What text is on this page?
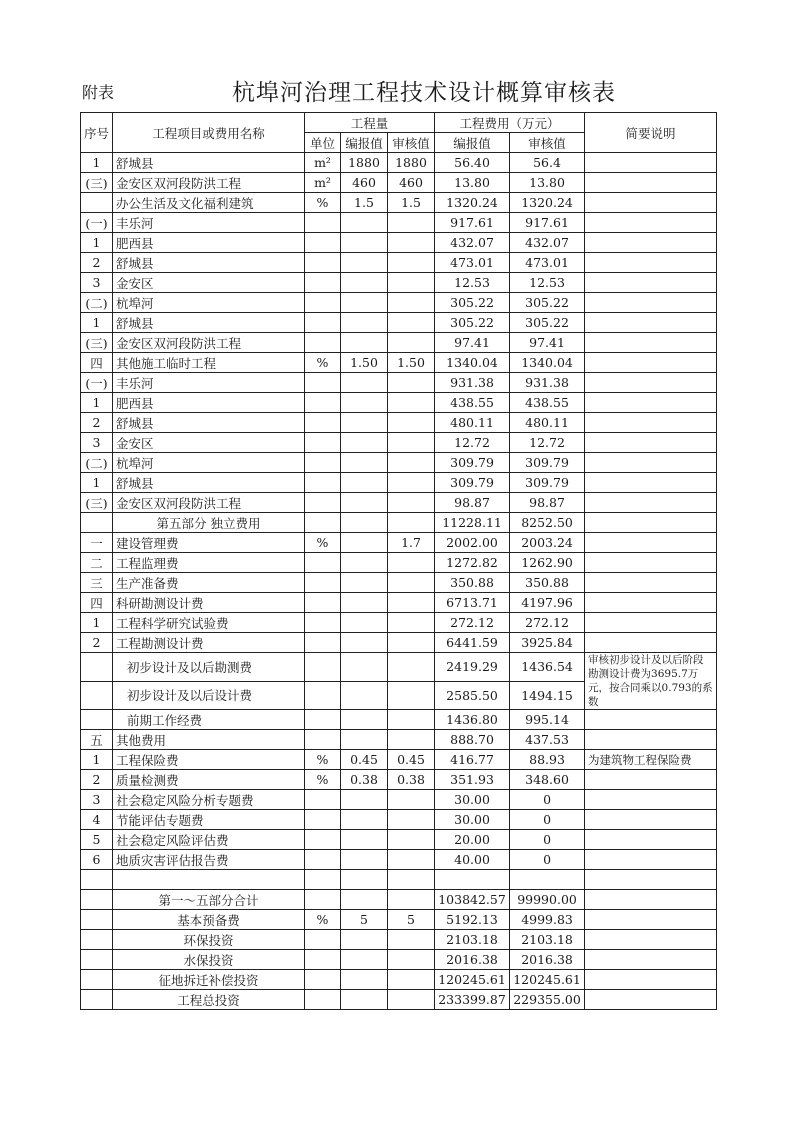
附表	杭埠河治理工程技术设计概算审核表
序号	工程项目或费用名称	工程量			工程费用（万元）		简要说明
		单位	编报值	审核值	编报值	审核值	
1	舒城县	m²	1880	1880	56.40	56.4	
(三)	金安区双河段防洪工程	m²	460	460	13.80	13.80	
	办公生活及文化福利建筑	%	1.5	1.5	1320.24	1320.24	
(一)	丰乐河				917.61	917.61	
1	肥西县				432.07	432.07	
2	舒城县				473.01	473.01	
3	金安区				12.53	12.53	
(二)	杭埠河				305.22	305.22	
1	舒城县				305.22	305.22	
(三)	金安区双河段防洪工程				97.41	97.41	
四	其他施工临时工程	%	1.50	1.50	1340.04	1340.04	
(一)	丰乐河				931.38	931.38	
1	肥西县				438.55	438.55	
2	舒城县				480.11	480.11	
3	金安区				12.72	12.72	
(二)	杭埠河				309.79	309.79	
1	舒城县				309.79	309.79	
(三)	金安区双河段防洪工程				98.87	98.87	
	第五部分 独立费用				11228.11	8252.50	
一	建设管理费	%		1.7	2002.00	2003.24	
二	工程监理费				1272.82	1262.90	
三	生产准备费				350.88	350.88	
四	科研勘测设计费				6713.71	4197.96	
1	工程科学研究试验费				272.12	272.12	
2	工程勘测设计费				6441.59	3925.84	
	初步设计及以后勘测费				2419.29	1436.54	审核初步设计及以后阶段勘测设计费为3695.7万元，按合同乘以0.793的系数
	初步设计及以后设计费				2585.50	1494.15	
	前期工作经费				1436.80	995.14	
五	其他费用				888.70	437.53	
1	工程保险费	%	0.45	0.45	416.77	88.93	为建筑物工程保险费
2	质量检测费	%	0.38	0.38	351.93	348.60	
3	社会稳定风险分析专题费				30.00	0	
4	节能评估专题费				30.00	0	
5	社会稳定风险评估费				20.00	0	
6	地质灾害评估报告费				40.00	0	

	第一～五部分合计				103842.57	99990.00	
	基本预备费	%	5	5	5192.13	4999.83	
	环保投资				2103.18	2103.18	
	水保投资				2016.38	2016.38	
	征地拆迁补偿投资				120245.61	120245.61	
	工程总投资				233399.87	229355.00	
